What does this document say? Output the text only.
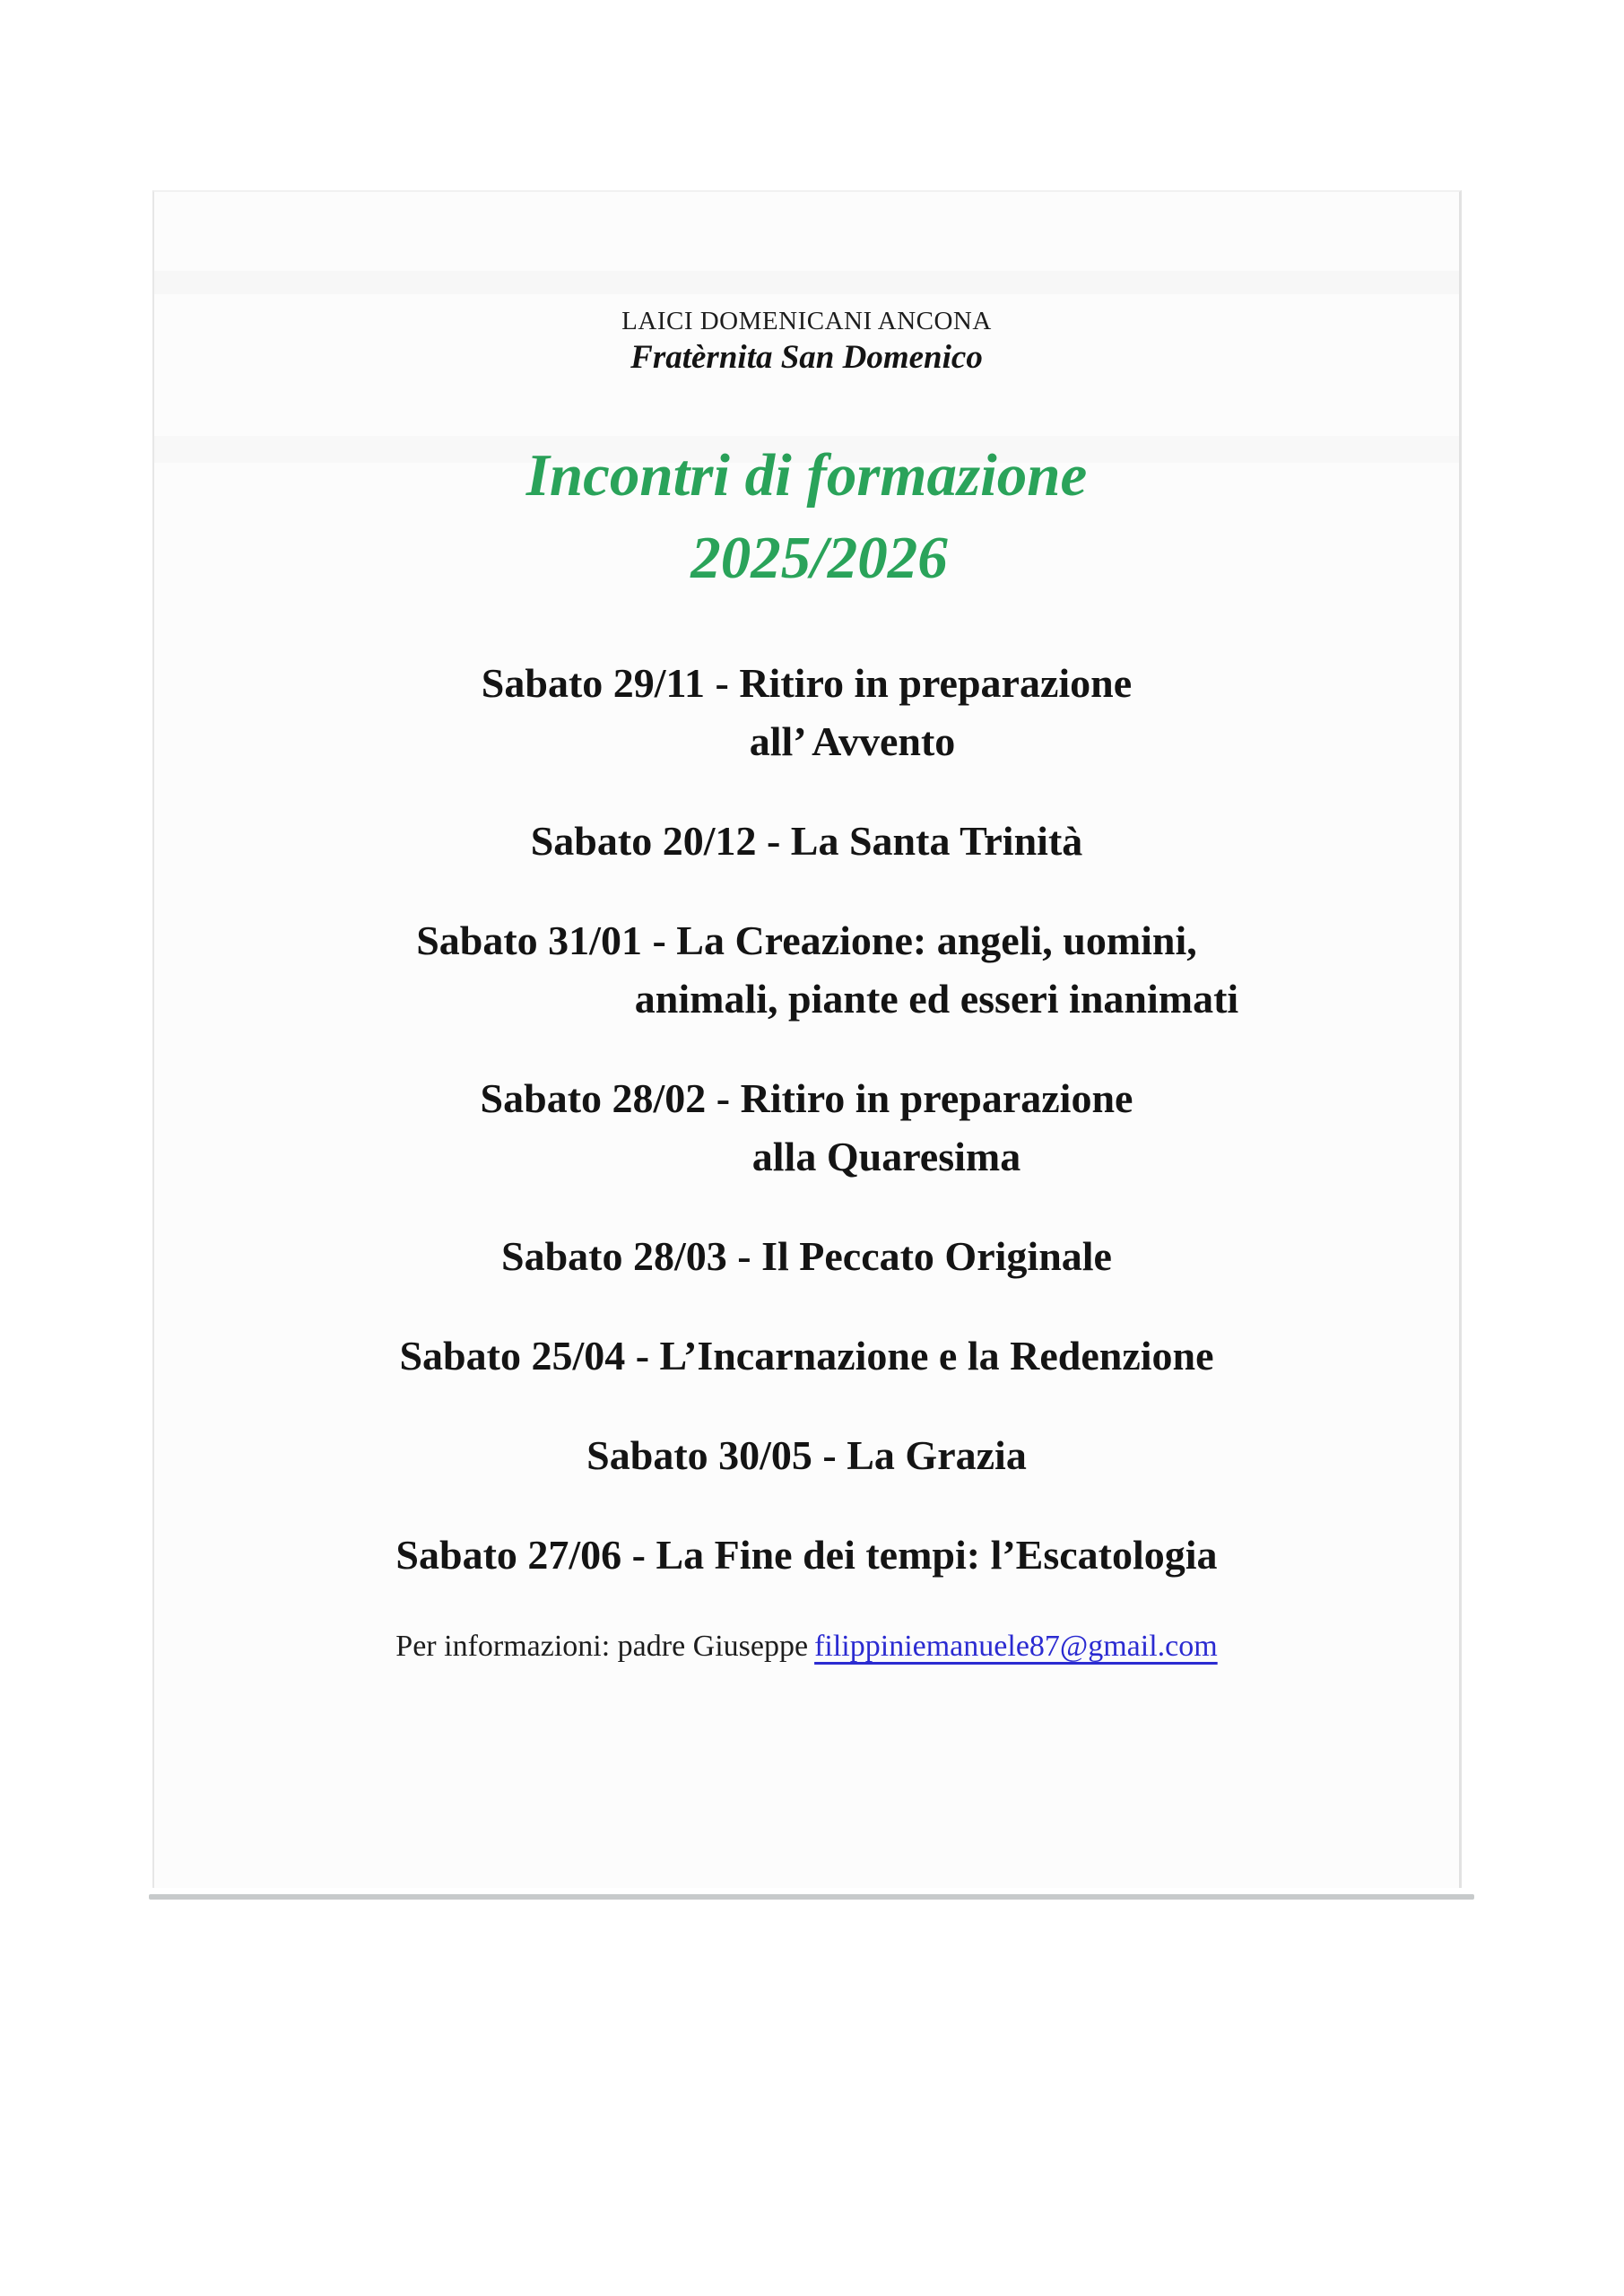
LAICI DOMENICANI ANCONA
Fratèrnita San Domenico
Incontri di formazione
2025/2026
Sabato 29/11 - Ritiro in preparazione
all’ Avvento
Sabato 20/12 - La Santa Trinità
Sabato 31/01 - La Creazione: angeli, uomini,
animali, piante ed esseri inanimati
Sabato 28/02 - Ritiro in preparazione
alla Quaresima
Sabato 28/03 - Il Peccato Originale
Sabato 25/04 - L’Incarnazione e la Redenzione
Sabato 30/05 - La Grazia
Sabato 27/06 - La Fine dei tempi: l’Escatologia
Per informazioni: padre Giuseppe filippiniemanuele87@gmail.com
